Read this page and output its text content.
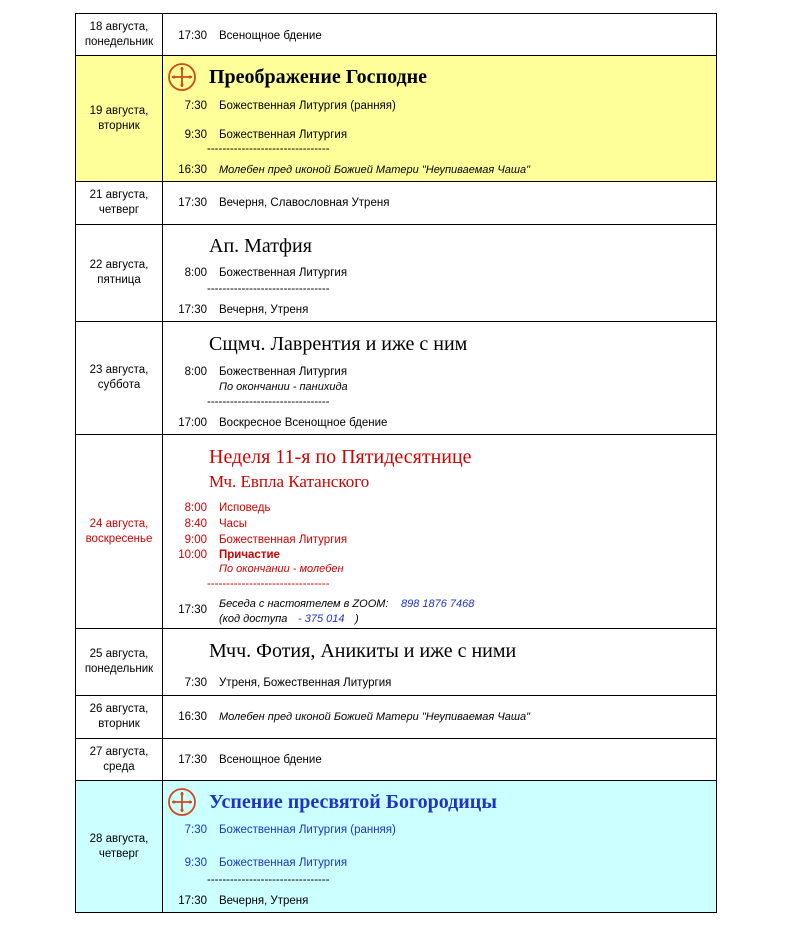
18 августа,
понедельник	17:30 Всенощное бдение
19 августа,
вторник
Преображение Господне
7:30 Божественная Литургия (ранняя)
9:30 Божественная Литургия
--------------------------------
16:30 Молебен пред иконой Божией Матери "Неупиваемая Чаша"
21 августа,
четверг
17:30 Вечерня, Славословная Утреня
22 августа,
пятница
Ап. Матфия
8:00 Божественная Литургия
--------------------------------
17:30 Вечерня, Утреня
23 августа,
суббота
Сщмч. Лаврентия и иже с ним
8:00 Божественная Литургия
По окончании - панихида
--------------------------------
17:00 Воскресное Всенощное бдение
24 августа,
воскресенье
Неделя 11-я по Пятидесятнице
Мч. Евпла Катанского
8:00 Исповедь
8:40 Часы
9:00 Божественная Литургия
10:00 Причастие
По окончании - молебен
--------------------------------
Беседа с настоятелем в ZOOM: 898 1876 7468
17:30
(код доступа - 375 014 )
25 августа,
понедельник
Мчч. Фотия, Аникиты и иже с ними
7:30 Утреня, Божественная Литургия
26 августа,
вторник
16:30 Молебен пред иконой Божией Матери "Неупиваемая Чаша"
27 августа,
среда
17:30 Всенощное бдение
28 августа,
четверг
Успение пресвятой Богородицы
7:30 Божественная Литургия (ранняя)
9:30 Божественная Литургия
--------------------------------
17:30 Вечерня, Утреня
